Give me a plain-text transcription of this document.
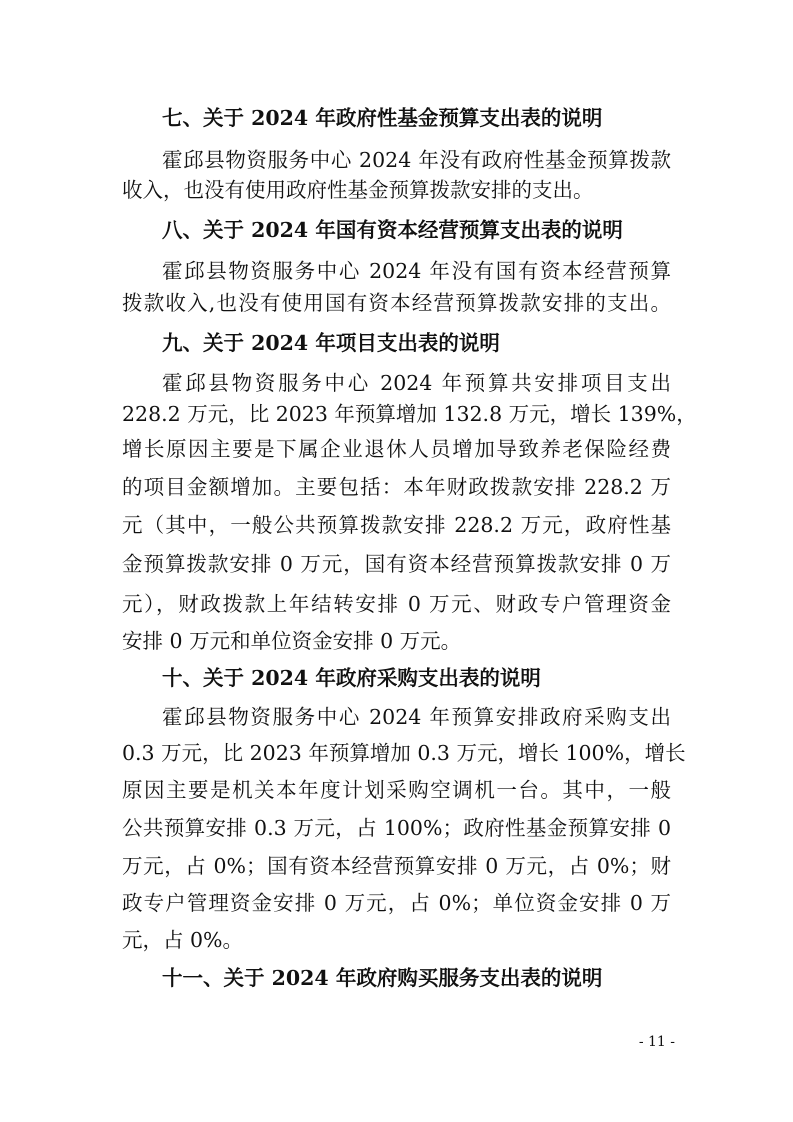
七、关于 2024 年政府性基金预算支出表的说明
霍邱县物资服务中心 2024 年没有政府性基金预算拨款
收入，也没有使用政府性基金预算拨款安排的支出。
八、关于 2024 年国有资本经营预算支出表的说明
霍邱县物资服务中心 2024 年没有国有资本经营预算
拨款收入,也没有使用国有资本经营预算拨款安排的支出。
九、关于 2024 年项目支出表的说明
霍邱县物资服务中心 2024 年预算共安排项目支出
228.2 万元，比 2023 年预算增加 132.8 万元，增长 139%，
增长原因主要是下属企业退休人员增加导致养老保险经费
的项目金额增加。主要包括：本年财政拨款安排 228.2 万
元（其中，一般公共预算拨款安排 228.2 万元，政府性基
金预算拨款安排 0 万元，国有资本经营预算拨款安排 0 万
元），财政拨款上年结转安排 0 万元、财政专户管理资金
安排 0 万元和单位资金安排 0 万元。
十、关于 2024 年政府采购支出表的说明
霍邱县物资服务中心 2024 年预算安排政府采购支出
0.3 万元，比 2023 年预算增加 0.3 万元，增长 100%，增长
原因主要是机关本年度计划采购空调机一台。其中，一般
公共预算安排 0.3 万元，占 100%；政府性基金预算安排 0
万元，占 0%；国有资本经营预算安排 0 万元，占 0%；财
政专户管理资金安排 0 万元，占 0%；单位资金安排 0 万
元，占 0%。
十一、关于 2024 年政府购买服务支出表的说明
- 11 -
